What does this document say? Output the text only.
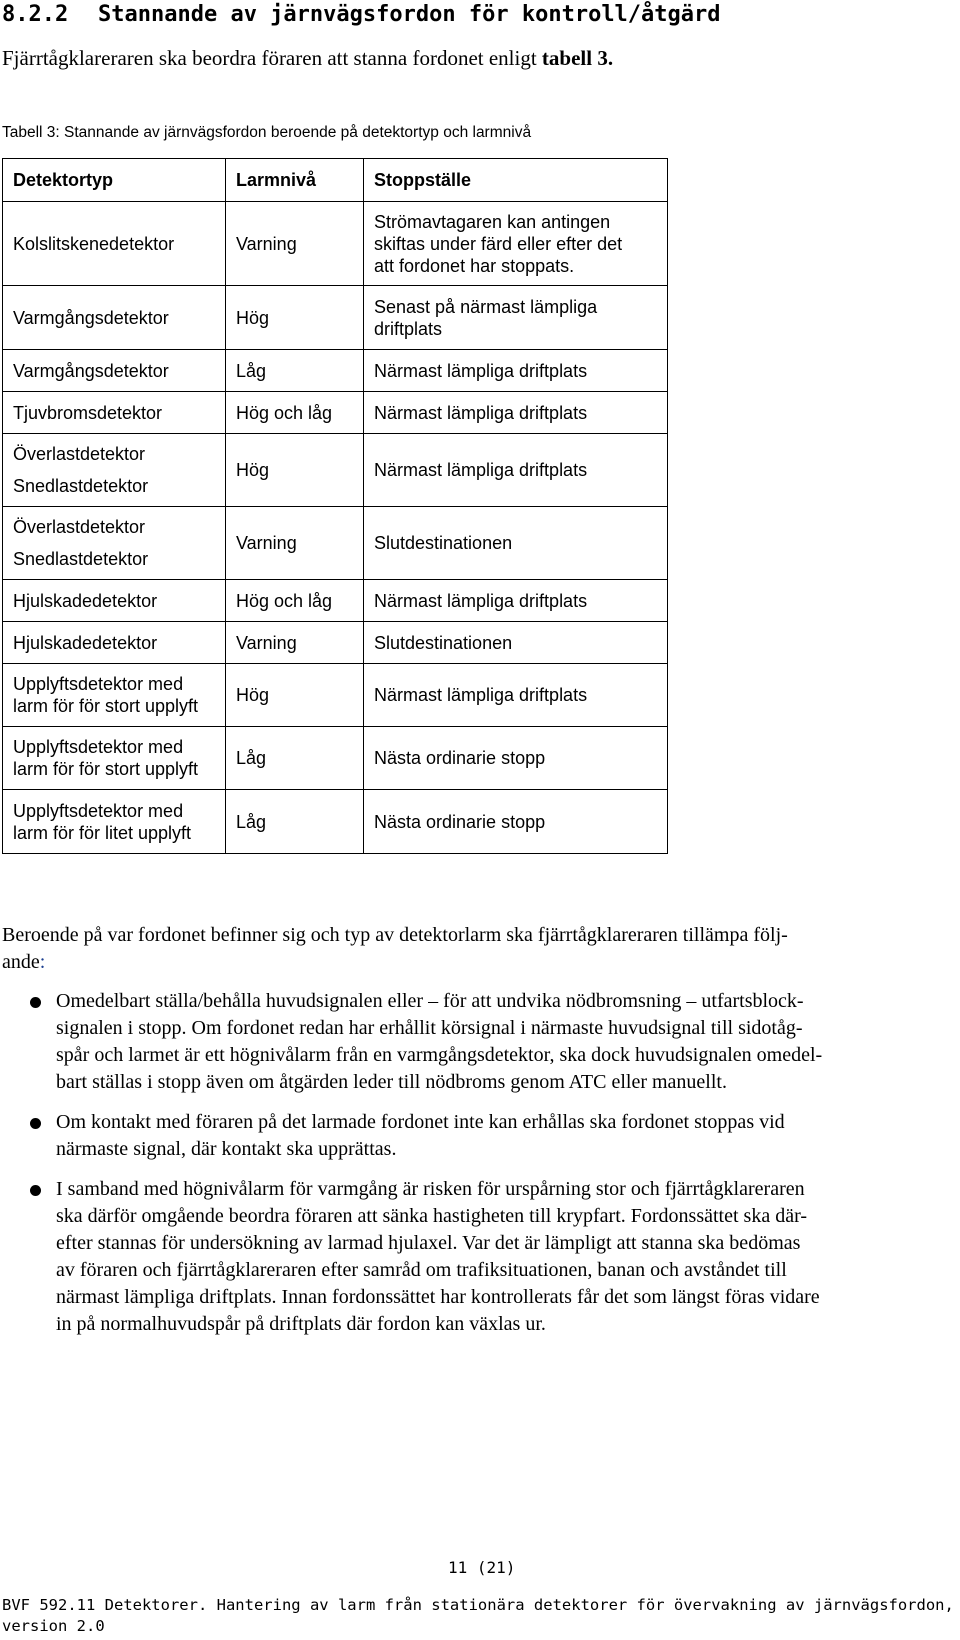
8.2.2 Stannande av järnvägsfordon för kontroll/åtgärd

Fjärrtågklareraren ska beordra föraren att stanna fordonet enligt tabell 3.

Tabell 3: Stannande av järnvägsfordon beroende på detektortyp och larmnivå

Detektortyp	Larmnivå	Stoppställe
Kolslitskenedetektor	Varning	Strömavtagaren kan antingen
skiftas under färd eller efter det
att fordonet har stoppats.

Varmgångsdetektor	Hög	Senast på närmast lämpliga
driftplats

Varmgångsdetektor	Låg	Närmast lämpliga driftplats
Tjuvbromsdetektor	Hög och låg	Närmast lämpliga driftplats

Överlastdetektor
Snedlastdetektor	Hög	Närmast lämpliga driftplats

Överlastdetektor
Snedlastdetektor	Varning	Slutdestinationen
Hjulskadedetektor	Hög och låg	Närmast lämpliga driftplats
Hjulskadedetektor	Varning	Slutdestinationen

Upplyftsdetektor med
larm för för stort upplyft	Hög	Närmast lämpliga driftplats

Upplyftsdetektor med
larm för för stort upplyft	Låg	Nästa ordinarie stopp

Upplyftsdetektor med
larm för för litet upplyft	Låg	Nästa ordinarie stopp

Beroende på var fordonet befinner sig och typ av detektorlarm ska fjärrtågklareraren tillämpa följ-
ande:

Omedelbart ställa/behålla huvudsignalen eller – för att undvika nödbromsning – utfartsblock-
signalen i stopp. Om fordonet redan har erhållit körsignal i närmaste huvudsignal till sidotåg-
spår och larmet är ett högnivålarm från en varmgångsdetektor, ska dock huvudsignalen omedel-
bart ställas i stopp även om åtgärden leder till nödbroms genom ATC eller manuellt.
Om kontakt med föraren på det larmade fordonet inte kan erhållas ska fordonet stoppas vid
närmaste signal, där kontakt ska upprättas.
I samband med högnivålarm för varmgång är risken för urspårning stor och fjärrtågklareraren
ska därför omgående beordra föraren att sänka hastigheten till krypfart. Fordonssättet ska där-
efter stannas för undersökning av larmad hjulaxel. Var det är lämpligt att stanna ska bedömas
av föraren och fjärrtågklareraren efter samråd om trafiksituationen, banan och avståndet till
närmast lämpliga driftplats. Innan fordonssättet har kontrollerats får det som längst föras vidare
in på normalhuvudspår på driftplats där fordon kan växlas ur.

11 (21)

BVF 592.11 Detektorer. Hantering av larm från stationära detektorer för övervakning av järnvägsfordon,
version 2.0
